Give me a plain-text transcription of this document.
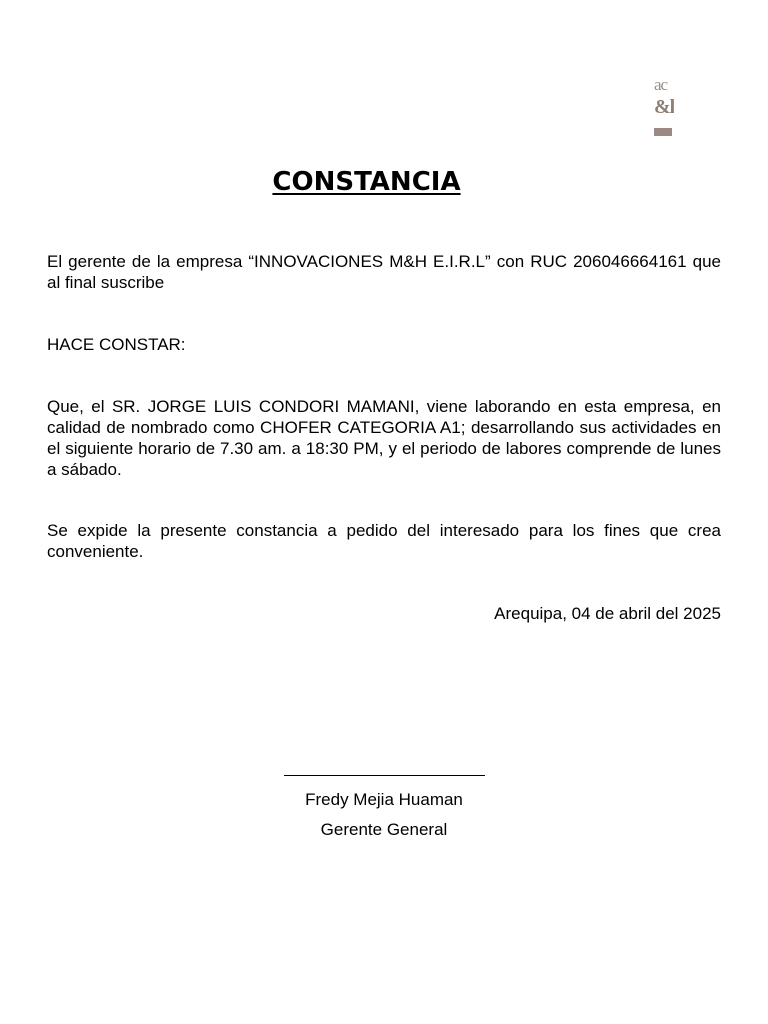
ac
&l
CONSTANCIA

El gerente de la empresa “INNOVACIONES M&H E.I.R.L” con RUC 206046664161 que al final suscribe

HACE CONSTAR:

Que, el SR. JORGE LUIS CONDORI MAMANI, viene laborando en esta empresa, en calidad de nombrado como CHOFER CATEGORIA A1; desarrollando sus actividades en el siguiente horario de 7.30 am. a 18:30 PM, y el periodo de labores comprende de lunes a sábado.

Se expide la presente constancia a pedido del interesado para los fines que crea conveniente.

Arequipa, 04 de abril del 2025
Fredy Mejia Huaman
Gerente General
